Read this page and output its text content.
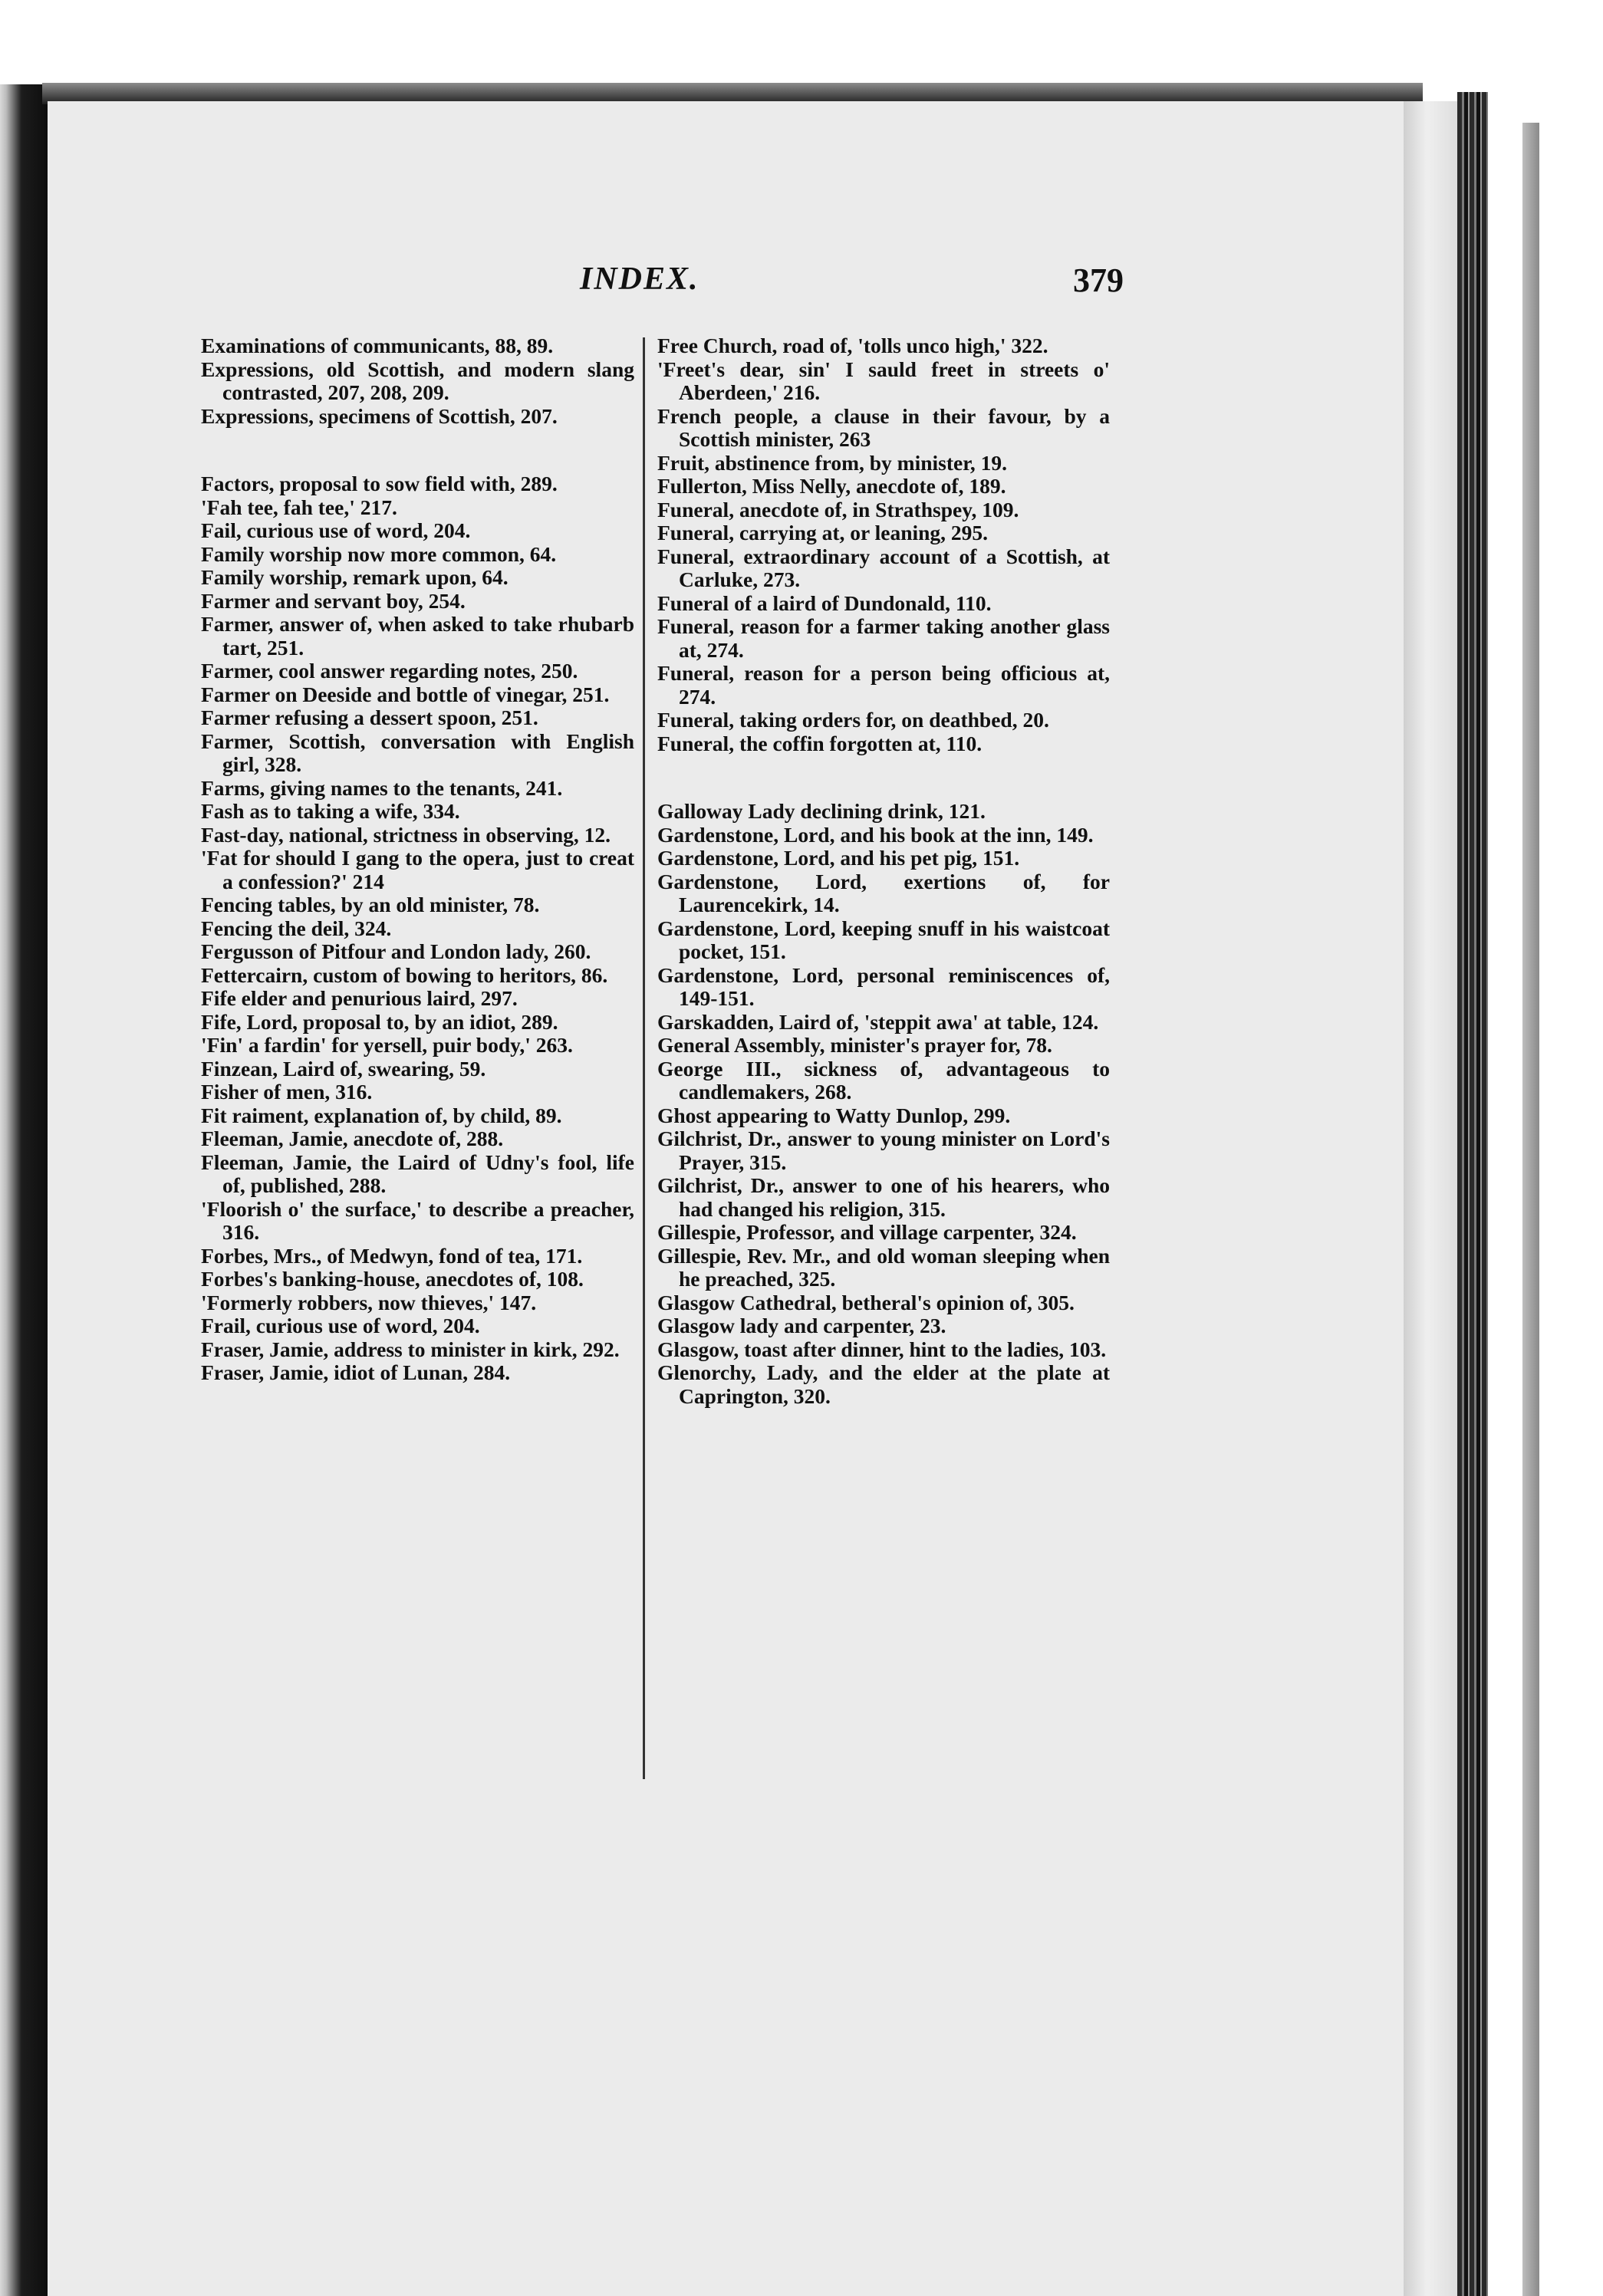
INDEX.	379

Examinations of communicants, 88, 89.

Expressions, old Scottish, and modern slang contrasted, 207, 208, 209.

Expressions, specimens of Scottish, 207.

Factors, proposal to sow field with, 289.

'Fah tee, fah tee,' 217.

Fail, curious use of word, 204.

Family worship now more common, 64.

Family worship, remark upon, 64.

Farmer and servant boy, 254.

Farmer, answer of, when asked to take rhubarb tart, 251.

Farmer, cool answer regarding notes, 250.

Farmer on Deeside and bottle of vinegar, 251.

Farmer refusing a dessert spoon, 251.

Farmer, Scottish, conversation with English girl, 328.

Farms, giving names to the tenants, 241.

Fash as to taking a wife, 334.

Fast-day, national, strictness in observing, 12.

'Fat for should I gang to the opera, just to creat a confession?' 214

Fencing tables, by an old minister, 78.

Fencing the deil, 324.

Fergusson of Pitfour and London lady, 260.

Fettercairn, custom of bowing to heritors, 86.

Fife elder and penurious laird, 297.

Fife, Lord, proposal to, by an idiot, 289.

'Fin' a fardin' for yersell, puir body,' 263.

Finzean, Laird of, swearing, 59.

Fisher of men, 316.

Fit raiment, explanation of, by child, 89.

Fleeman, Jamie, anecdote of, 288.

Fleeman, Jamie, the Laird of Udny's fool, life of, published, 288.

'Floorish o' the surface,' to describe a preacher, 316.

Forbes, Mrs., of Medwyn, fond of tea, 171.

Forbes's banking-house, anecdotes of, 108.

'Formerly robbers, now thieves,' 147.

Frail, curious use of word, 204.

Fraser, Jamie, address to minister in kirk, 292.

Fraser, Jamie, idiot of Lunan, 284.

Free Church, road of, 'tolls unco high,' 322.

'Freet's dear, sin' I sauld freet in streets o' Aberdeen,' 216.

French people, a clause in their favour, by a Scottish minister, 263

Fruit, abstinence from, by minister, 19.

Fullerton, Miss Nelly, anecdote of, 189.

Funeral, anecdote of, in Strathspey, 109.

Funeral, carrying at, or leaning, 295.

Funeral, extraordinary account of a Scottish, at Carluke, 273.

Funeral of a laird of Dundonald, 110.

Funeral, reason for a farmer taking another glass at, 274.

Funeral, reason for a person being officious at, 274.

Funeral, taking orders for, on deathbed, 20.

Funeral, the coffin forgotten at, 110.

Galloway Lady declining drink, 121.

Gardenstone, Lord, and his book at the inn, 149.

Gardenstone, Lord, and his pet pig, 151.

Gardenstone, Lord, exertions of, for Laurencekirk, 14.

Gardenstone, Lord, keeping snuff in his waistcoat pocket, 151.

Gardenstone, Lord, personal reminiscences of, 149-151.

Garskadden, Laird of, 'steppit awa' at table, 124.

General Assembly, minister's prayer for, 78.

George III., sickness of, advantageous to candlemakers, 268.

Ghost appearing to Watty Dunlop, 299.

Gilchrist, Dr., answer to young minister on Lord's Prayer, 315.

Gilchrist, Dr., answer to one of his hearers, who had changed his religion, 315.

Gillespie, Professor, and village carpenter, 324.

Gillespie, Rev. Mr., and old woman sleeping when he preached, 325.

Glasgow Cathedral, betheral's opinion of, 305.

Glasgow lady and carpenter, 23.

Glasgow, toast after dinner, hint to the ladies, 103.

Glenorchy, Lady, and the elder at the plate at Caprington, 320.
